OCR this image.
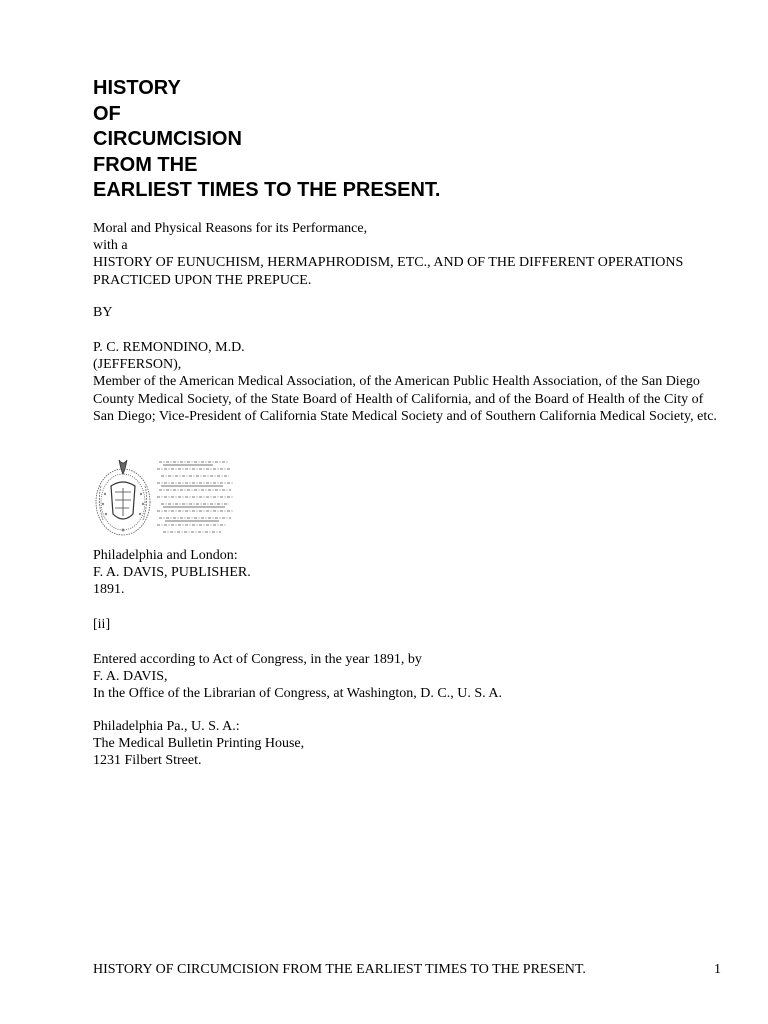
HISTORY
OF
CIRCUMCISION
FROM THE
EARLIEST TIMES TO THE PRESENT.
Moral and Physical Reasons for its Performance,
with a
HISTORY OF EUNUCHISM, HERMAPHRODISM, ETC., AND OF THE DIFFERENT OPERATIONS PRACTICED UPON THE PREPUCE.
BY
P. C. REMONDINO, M.D.
(JEFFERSON),
Member of the American Medical Association, of the American Public Health Association, of the San Diego County Medical Society, of the State Board of Health of California, and of the Board of Health of the City of San Diego; Vice-President of California State Medical Society and of Southern California Medical Society, etc.
Philadelphia and London:
F. A. DAVIS, PUBLISHER.
1891.
[ii]
Entered according to Act of Congress, in the year 1891, by
F. A. DAVIS,
In the Office of the Librarian of Congress, at Washington, D. C., U. S. A.
Philadelphia Pa., U. S. A.:
The Medical Bulletin Printing House,
1231 Filbert Street.
HISTORY OF CIRCUMCISION FROM THE EARLIEST TIMES TO THE PRESENT.	1
